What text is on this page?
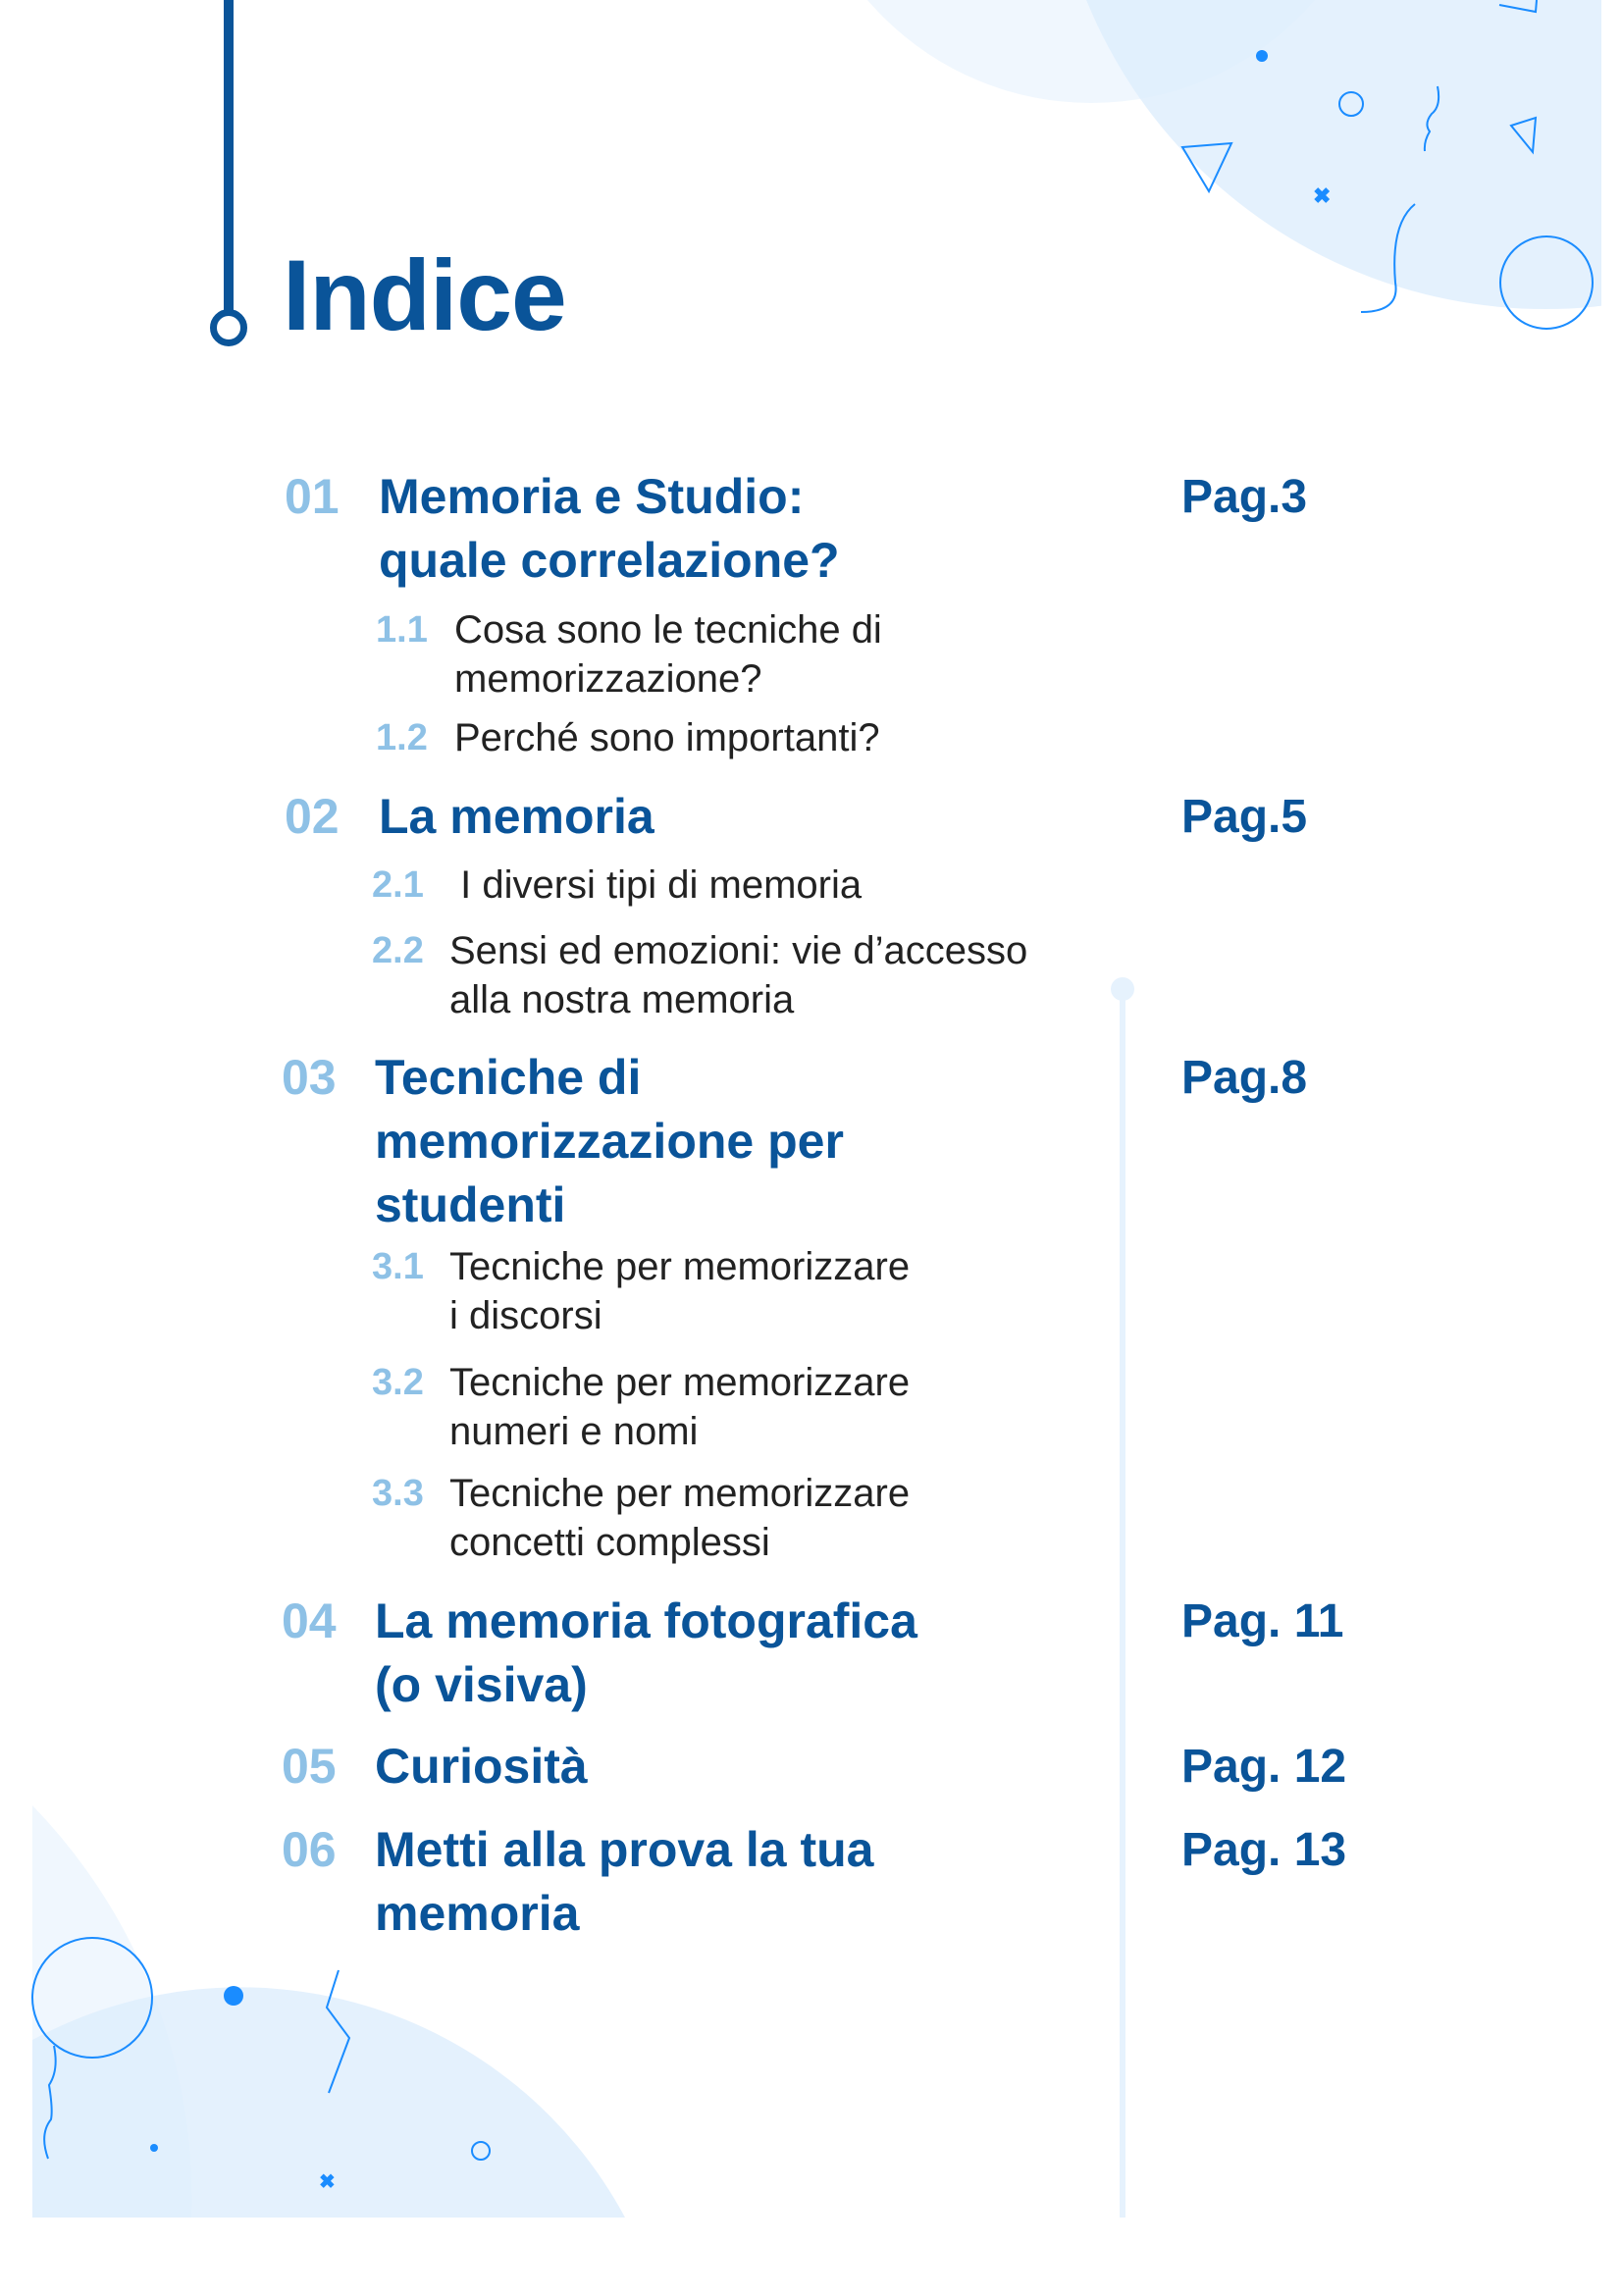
✖
✖
Indice
01 Memoria e Studio:
quale correlazione?
Pag.3
1.1 Cosa sono le tecniche di
memorizzazione?
1.2 Perché sono importanti?
02 La memoria	Pag.5
2.1 I diversi tipi di memoria
2.2 Sensi ed emozioni: vie d’accesso
alla nostra memoria
03 Tecniche di
memorizzazione per
studenti
Pag.8
3.1 Tecniche per memorizzare
i discorsi
3.2 Tecniche per memorizzare
numeri e nomi
3.3 Tecniche per memorizzare
concetti complessi
04 La memoria fotografica
(o visiva)
Pag. 11
05 Curiosità	Pag. 12
06 Metti alla prova la tua
memoria
Pag. 13
